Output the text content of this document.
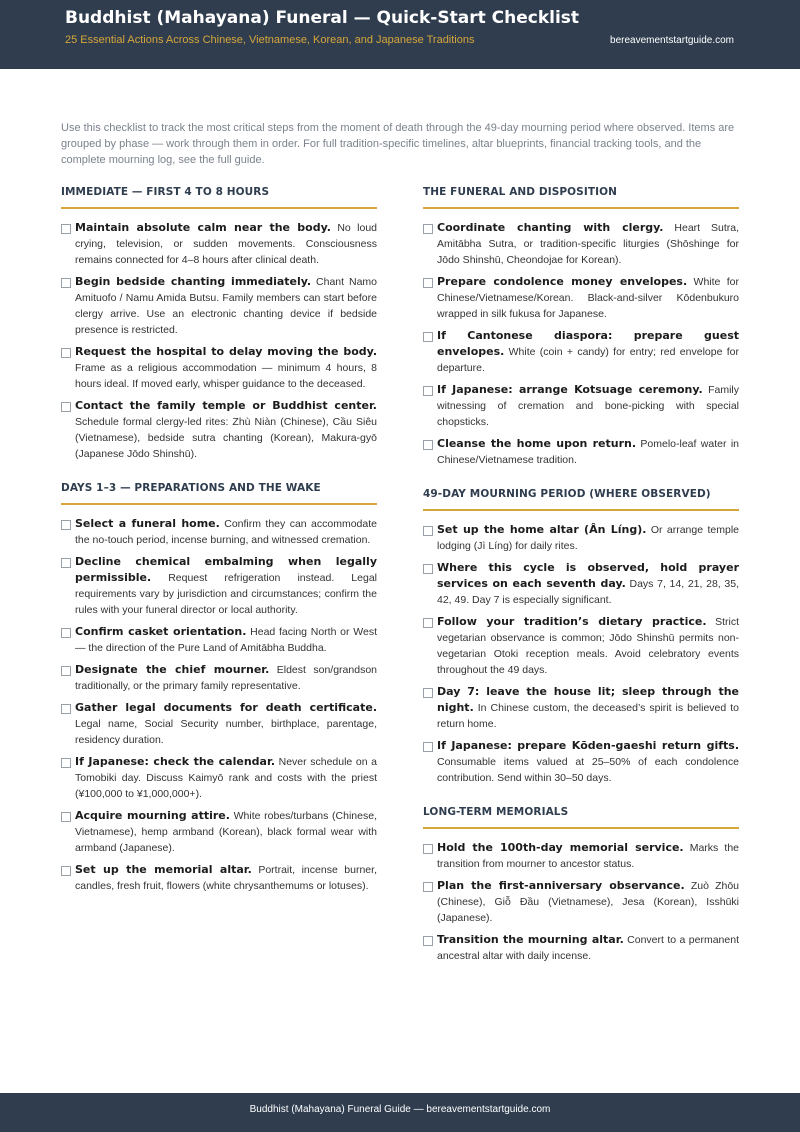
Buddhist (Mahayana) Funeral — Quick-Start Checklist
25 Essential Actions Across Chinese, Vietnamese, Korean, and Japanese Traditions	bereavementstartguide.com
Use this checklist to track the most critical steps from the moment of death through the 49-day mourning period where observed. Items are grouped by phase — work through them in order. For full tradition-specific timelines, altar blueprints, financial tracking tools, and the complete mourning log, see the full guide.
IMMEDIATE — FIRST 4 TO 8 HOURS
Maintain absolute calm near the body. No loud crying, television, or sudden movements. Consciousness remains connected for 4–8 hours after clinical death.
Begin bedside chanting immediately. Chant Namo Amituofo / Namu Amida Butsu. Family members can start before clergy arrive. Use an electronic chanting device if bedside presence is restricted.
Request the hospital to delay moving the body. Frame as a religious accommodation — minimum 4 hours, 8 hours ideal. If moved early, whisper guidance to the deceased.
Contact the family temple or Buddhist center. Schedule formal clergy-led rites: Zhù Niàn (Chinese), Cầu Siêu (Vietnamese), bedside sutra chanting (Korean), Makura-gyō (Japanese Jōdo Shinshū).
DAYS 1–3 — PREPARATIONS AND THE WAKE
Select a funeral home. Confirm they can accommodate the no-touch period, incense burning, and witnessed cremation.
Decline chemical embalming when legally permissible. Request refrigeration instead. Legal requirements vary by jurisdiction and circumstances; confirm the rules with your funeral director or local authority.
Confirm casket orientation. Head facing North or West — the direction of the Pure Land of Amitābha Buddha.
Designate the chief mourner. Eldest son/grandson traditionally, or the primary family representative.
Gather legal documents for death certificate. Legal name, Social Security number, birthplace, parentage, residency duration.
If Japanese: check the calendar. Never schedule on a Tomobiki day. Discuss Kaimyō rank and costs with the priest (¥100,000 to ¥1,000,000+).
Acquire mourning attire. White robes/turbans (Chinese, Vietnamese), hemp armband (Korean), black formal wear with armband (Japanese).
Set up the memorial altar. Portrait, incense burner, candles, fresh fruit, flowers (white chrysanthemums or lotuses).
THE FUNERAL AND DISPOSITION
Coordinate chanting with clergy. Heart Sutra, Amitābha Sutra, or tradition-specific liturgies (Shōshinge for Jōdo Shinshū, Cheondojae for Korean).
Prepare condolence money envelopes. White for Chinese/Vietnamese/Korean. Black-and-silver Kōdenbukuro wrapped in silk fukusa for Japanese.
If Cantonese diaspora: prepare guest envelopes. White (coin + candy) for entry; red envelope for departure.
If Japanese: arrange Kotsuage ceremony. Family witnessing of cremation and bone-picking with special chopsticks.
Cleanse the home upon return. Pomelo-leaf water in Chinese/Vietnamese tradition.
49-DAY MOURNING PERIOD (WHERE OBSERVED)
Set up the home altar (Ân Líng). Or arrange temple lodging (Jì Líng) for daily rites.
Where this cycle is observed, hold prayer services on each seventh day. Days 7, 14, 21, 28, 35, 42, 49. Day 7 is especially significant.
Follow your tradition’s dietary practice. Strict vegetarian observance is common; Jōdo Shinshū permits non-vegetarian Otoki reception meals. Avoid celebratory events throughout the 49 days.
Day 7: leave the house lit; sleep through the night. In Chinese custom, the deceased’s spirit is believed to return home.
If Japanese: prepare Kōden-gaeshi return gifts. Consumable items valued at 25–50% of each condolence contribution. Send within 30–50 days.
LONG-TERM MEMORIALS
Hold the 100th-day memorial service. Marks the transition from mourner to ancestor status.
Plan the first-anniversary observance. Zuò Zhōu (Chinese), Giỗ Đầu (Vietnamese), Jesa (Korean), Isshūki (Japanese).
Transition the mourning altar. Convert to a permanent ancestral altar with daily incense.
Buddhist (Mahayana) Funeral Guide — bereavementstartguide.com
